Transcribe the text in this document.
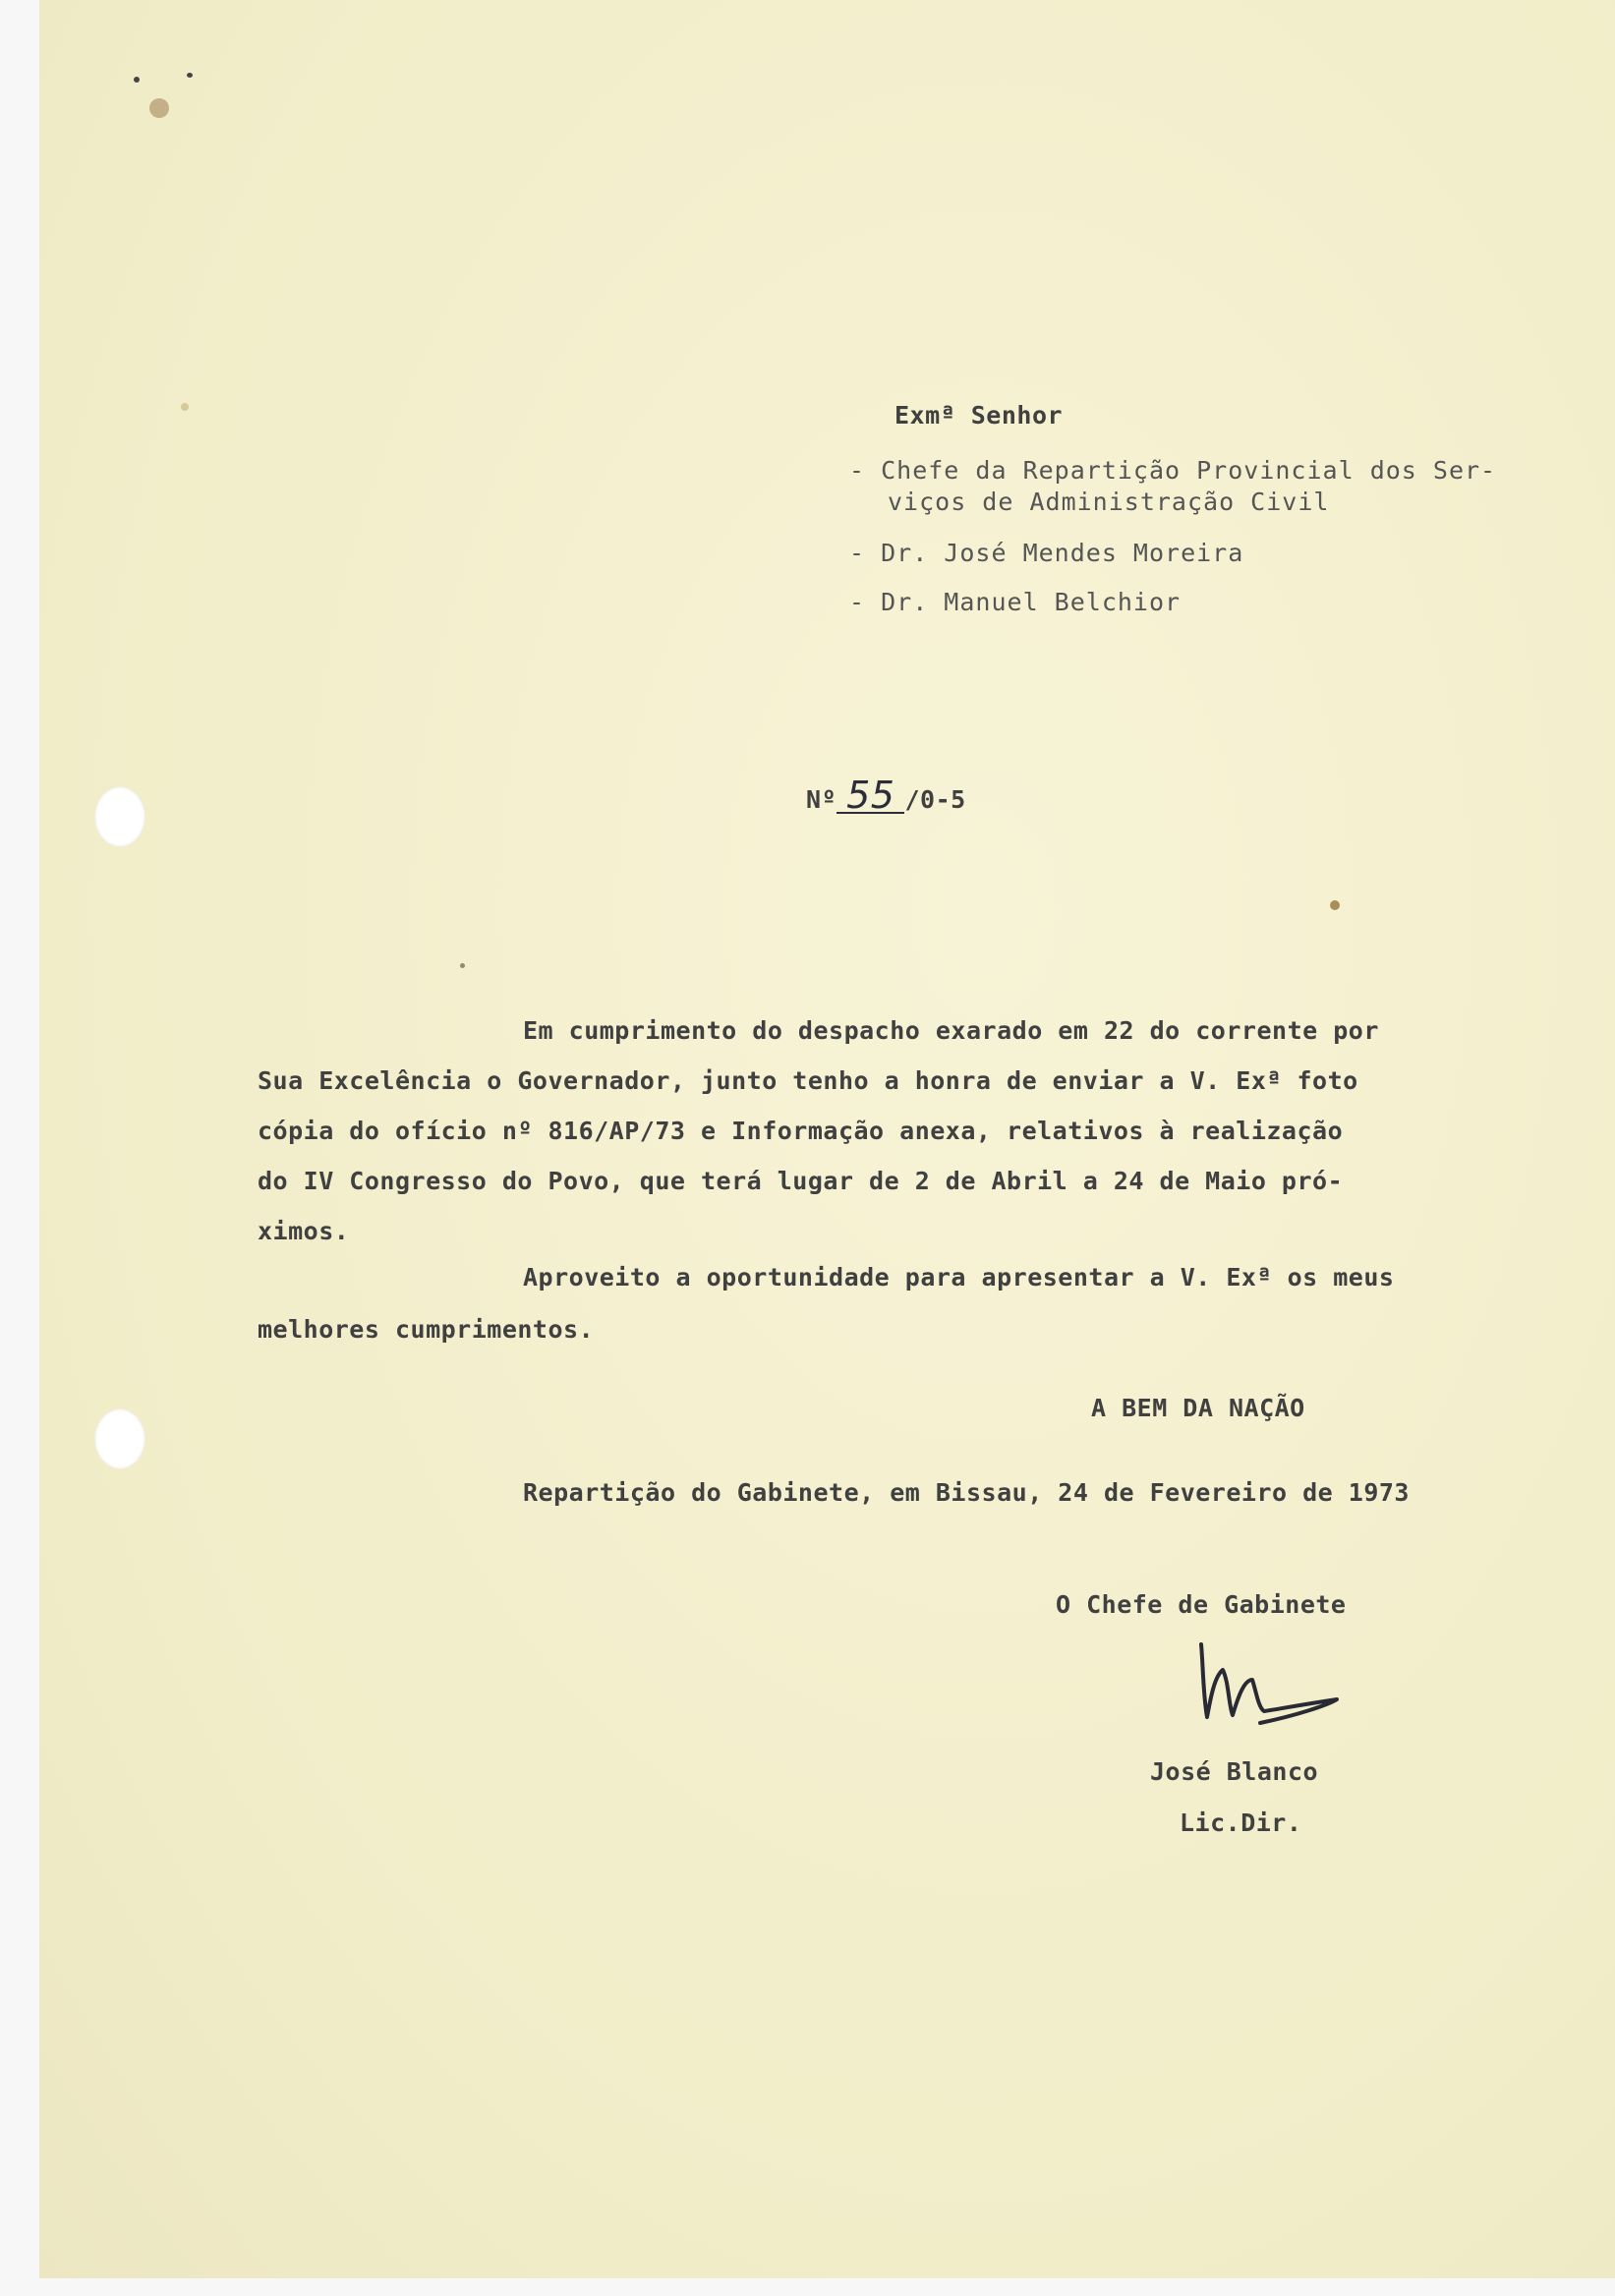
Exmª Senhor
- Chefe da Repartição Provincial dos Ser-
viços de Administração Civil
- Dr. José Mendes Moreira
- Dr. Manuel Belchior
Nº 55 /0-5
Em cumprimento do despacho exarado em 22 do corrente por
Sua Excelência o Governador, junto tenho a honra de enviar a V. Exª foto
cópia do ofício nº 816/AP/73 e Informação anexa, relativos à realização
do IV Congresso do Povo, que terá lugar de 2 de Abril a 24 de Maio pró-
ximos.
Aproveito a oportunidade para apresentar a V. Exª os meus
melhores cumprimentos.
A BEM DA NAÇÃO
Repartição do Gabinete, em Bissau, 24 de Fevereiro de 1973
O Chefe de Gabinete
José Blanco
Lic.Dir.
